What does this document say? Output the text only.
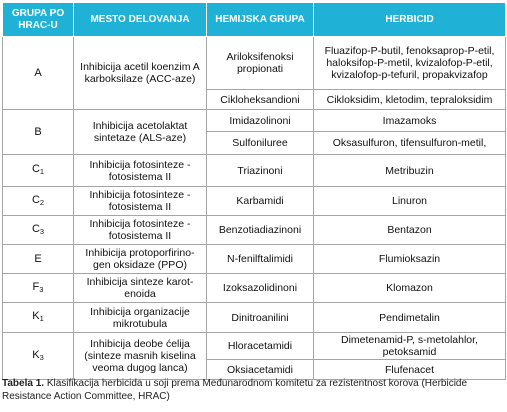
GRUPA PO HRAC-U	MESTO DELOVANJA	HEMIJSKA GRUPA	HERBICID
A	Inhibicija acetil koenzim A karboksilaze (ACC-aze)	Ariloksifenoksi propionati	Fluazifop-P-butil, fenoksaprop-P-etil, haloksifop-P-metil, kvizalofop-P-etil, kvizalofop-p-tefuril, propakvizafop
		Cikloheksandioni	Cikloksidim, kletodim, tepraloksidim
B	Inhibicija acetolaktat sintetaze (ALS-aze)	Imidazolinoni	Imazamoks
		Sulfoniluree	Oksasulfuron, tifensulfuron-metil,
$C_1$	Inhibicija fotosinteze - fotosistema II	Triazinoni	Metribuzin
$C_2$	Inhibicija fotosinteze - fotosistema II	Karbamidi	Linuron
$C_3$	Inhibicija fotosinteze - fotosistema II	Benzotiadiazinoni	Bentazon
E	Inhibicija protoporfirino-gen oksidaze (PPO)	N-fenilftalimidi	Flumioksazin
$F_3$	Inhibicija sinteze karot-enoida	Izoksazolidinoni	Klomazon
$K_1$	Inhibicija organizacije mikrotubula	Dinitroanilini	Pendimetalin
$K_3$	Inhibicija deobe ćelija (sinteze masnih kiselina veoma dugog lanca)	Hloracetamidi	Dimetenamid-P, s-metolahlor, petoksamid
		Oksiacetamidi	Flufenacet
Tabela 1. Klasifikacija herbicida u soji prema Međunarodnom komitetu za rezistentnost korova (Herbicide Resistance Action Committee, HRAC)
